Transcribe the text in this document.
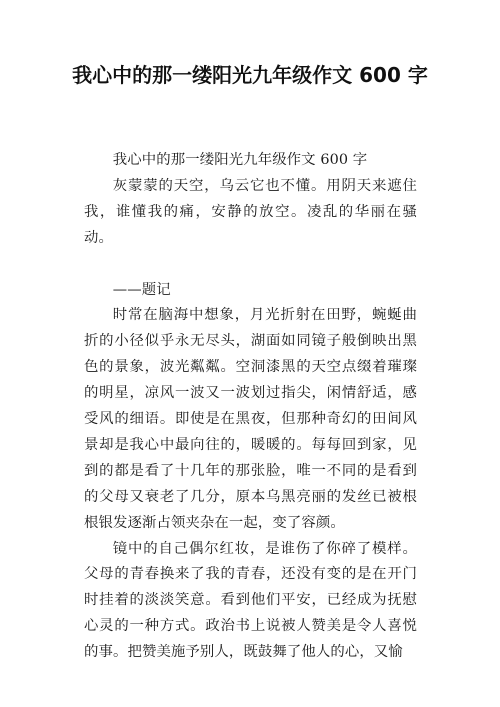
我心中的那一缕阳光九年级作文 600 字

我心中的那一缕阳光九年级作文 600 字

灰蒙蒙的天空，乌云它也不懂。用阴天来遮住我，谁懂我的痛，安静的放空。凌乱的华丽在骚动。

——题记

时常在脑海中想象，月光折射在田野，蜿蜒曲折的小径似乎永无尽头，湖面如同镜子般倒映出黑色的景象，波光粼粼。空洞漆黑的天空点缀着璀璨的明星，凉风一波又一波划过指尖，闲情舒适，感受风的细语。即使是在黑夜，但那种奇幻的田间风景却是我心中最向往的，暖暖的。每每回到家，见到的都是看了十几年的那张脸，唯一不同的是看到的父母又衰老了几分，原本乌黑亮丽的发丝已被根根银发逐渐占领夹杂在一起，变了容颜。

镜中的自己偶尔红妆，是谁伤了你碎了模样。父母的青春换来了我的青春，还没有变的是在开门时挂着的淡淡笑意。看到他们平安，已经成为抚慰心灵的一种方式。政治书上说被人赞美是令人喜悦的事。把赞美施予别人，既鼓舞了他人的心，又愉
